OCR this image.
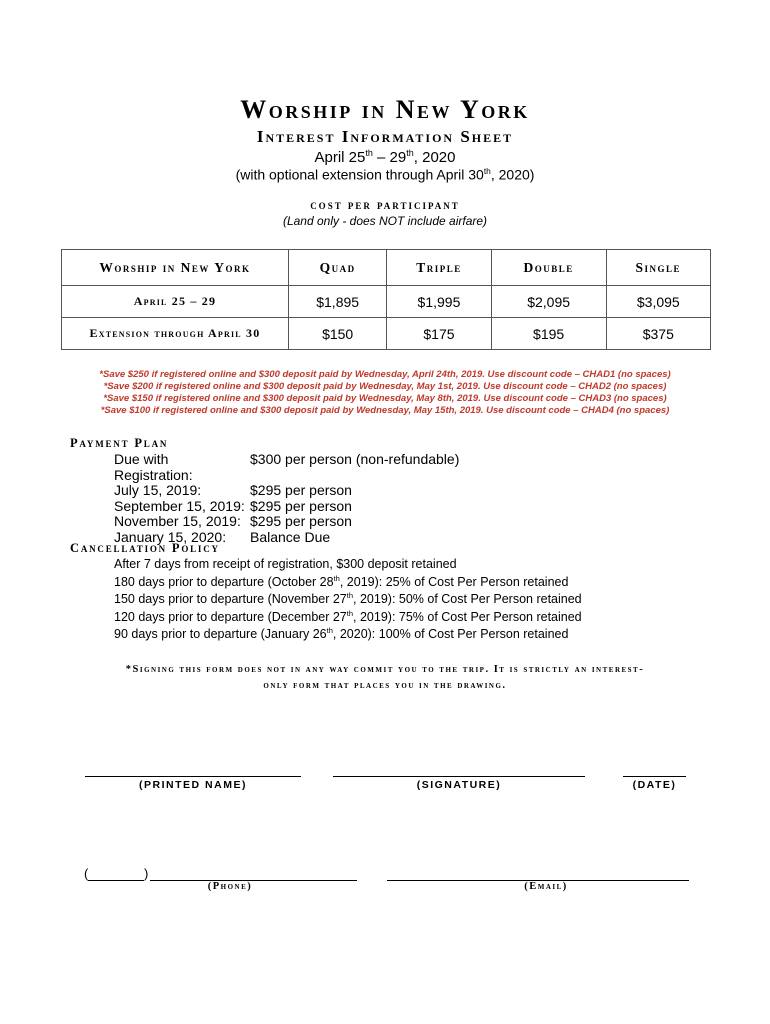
Worship in New York
Interest Information Sheet
April 25th – 29th, 2020
(with optional extension through April 30th, 2020)
cost per participant
(Land only - does NOT include airfare)
Worship in New York	Quad	Triple	Double	Single
April 25 – 29	$1,895	$1,995	$2,095	$3,095
Extension through April 30	$150	$175	$195	$375
*Save $250 if registered online and $300 deposit paid by Wednesday, April 24th, 2019. Use discount code – CHAD1 (no spaces)
*Save $200 if registered online and $300 deposit paid by Wednesday, May 1st, 2019. Use discount code – CHAD2 (no spaces)
*Save $150 if registered online and $300 deposit paid by Wednesday, May 8th, 2019. Use discount code – CHAD3 (no spaces)
*Save $100 if registered online and $300 deposit paid by Wednesday, May 15th, 2019. Use discount code – CHAD4 (no spaces)
Payment Plan
Due with Registration:
$300 per person (non-refundable)
July 15, 2019:	$295 per person
September 15, 2019: $295 per person
November 15, 2019: $295 per person
January 15, 2020:	Balance Due
Cancellation Policy
After 7 days from receipt of registration, $300 deposit retained
180 days prior to departure (October 28th, 2019): 25% of Cost Per Person retained
150 days prior to departure (November 27th, 2019): 50% of Cost Per Person retained
120 days prior to departure (December 27th, 2019): 75% of Cost Per Person retained
90 days prior to departure (January 26th, 2020): 100% of Cost Per Person retained
*Signing this form does not in any way commit you to the trip. It is strictly an interest-
only form that places you in the drawing.
(PRINTED NAME)	(SIGNATURE)	(DATE)
(	)
(Phone)	(Email)
